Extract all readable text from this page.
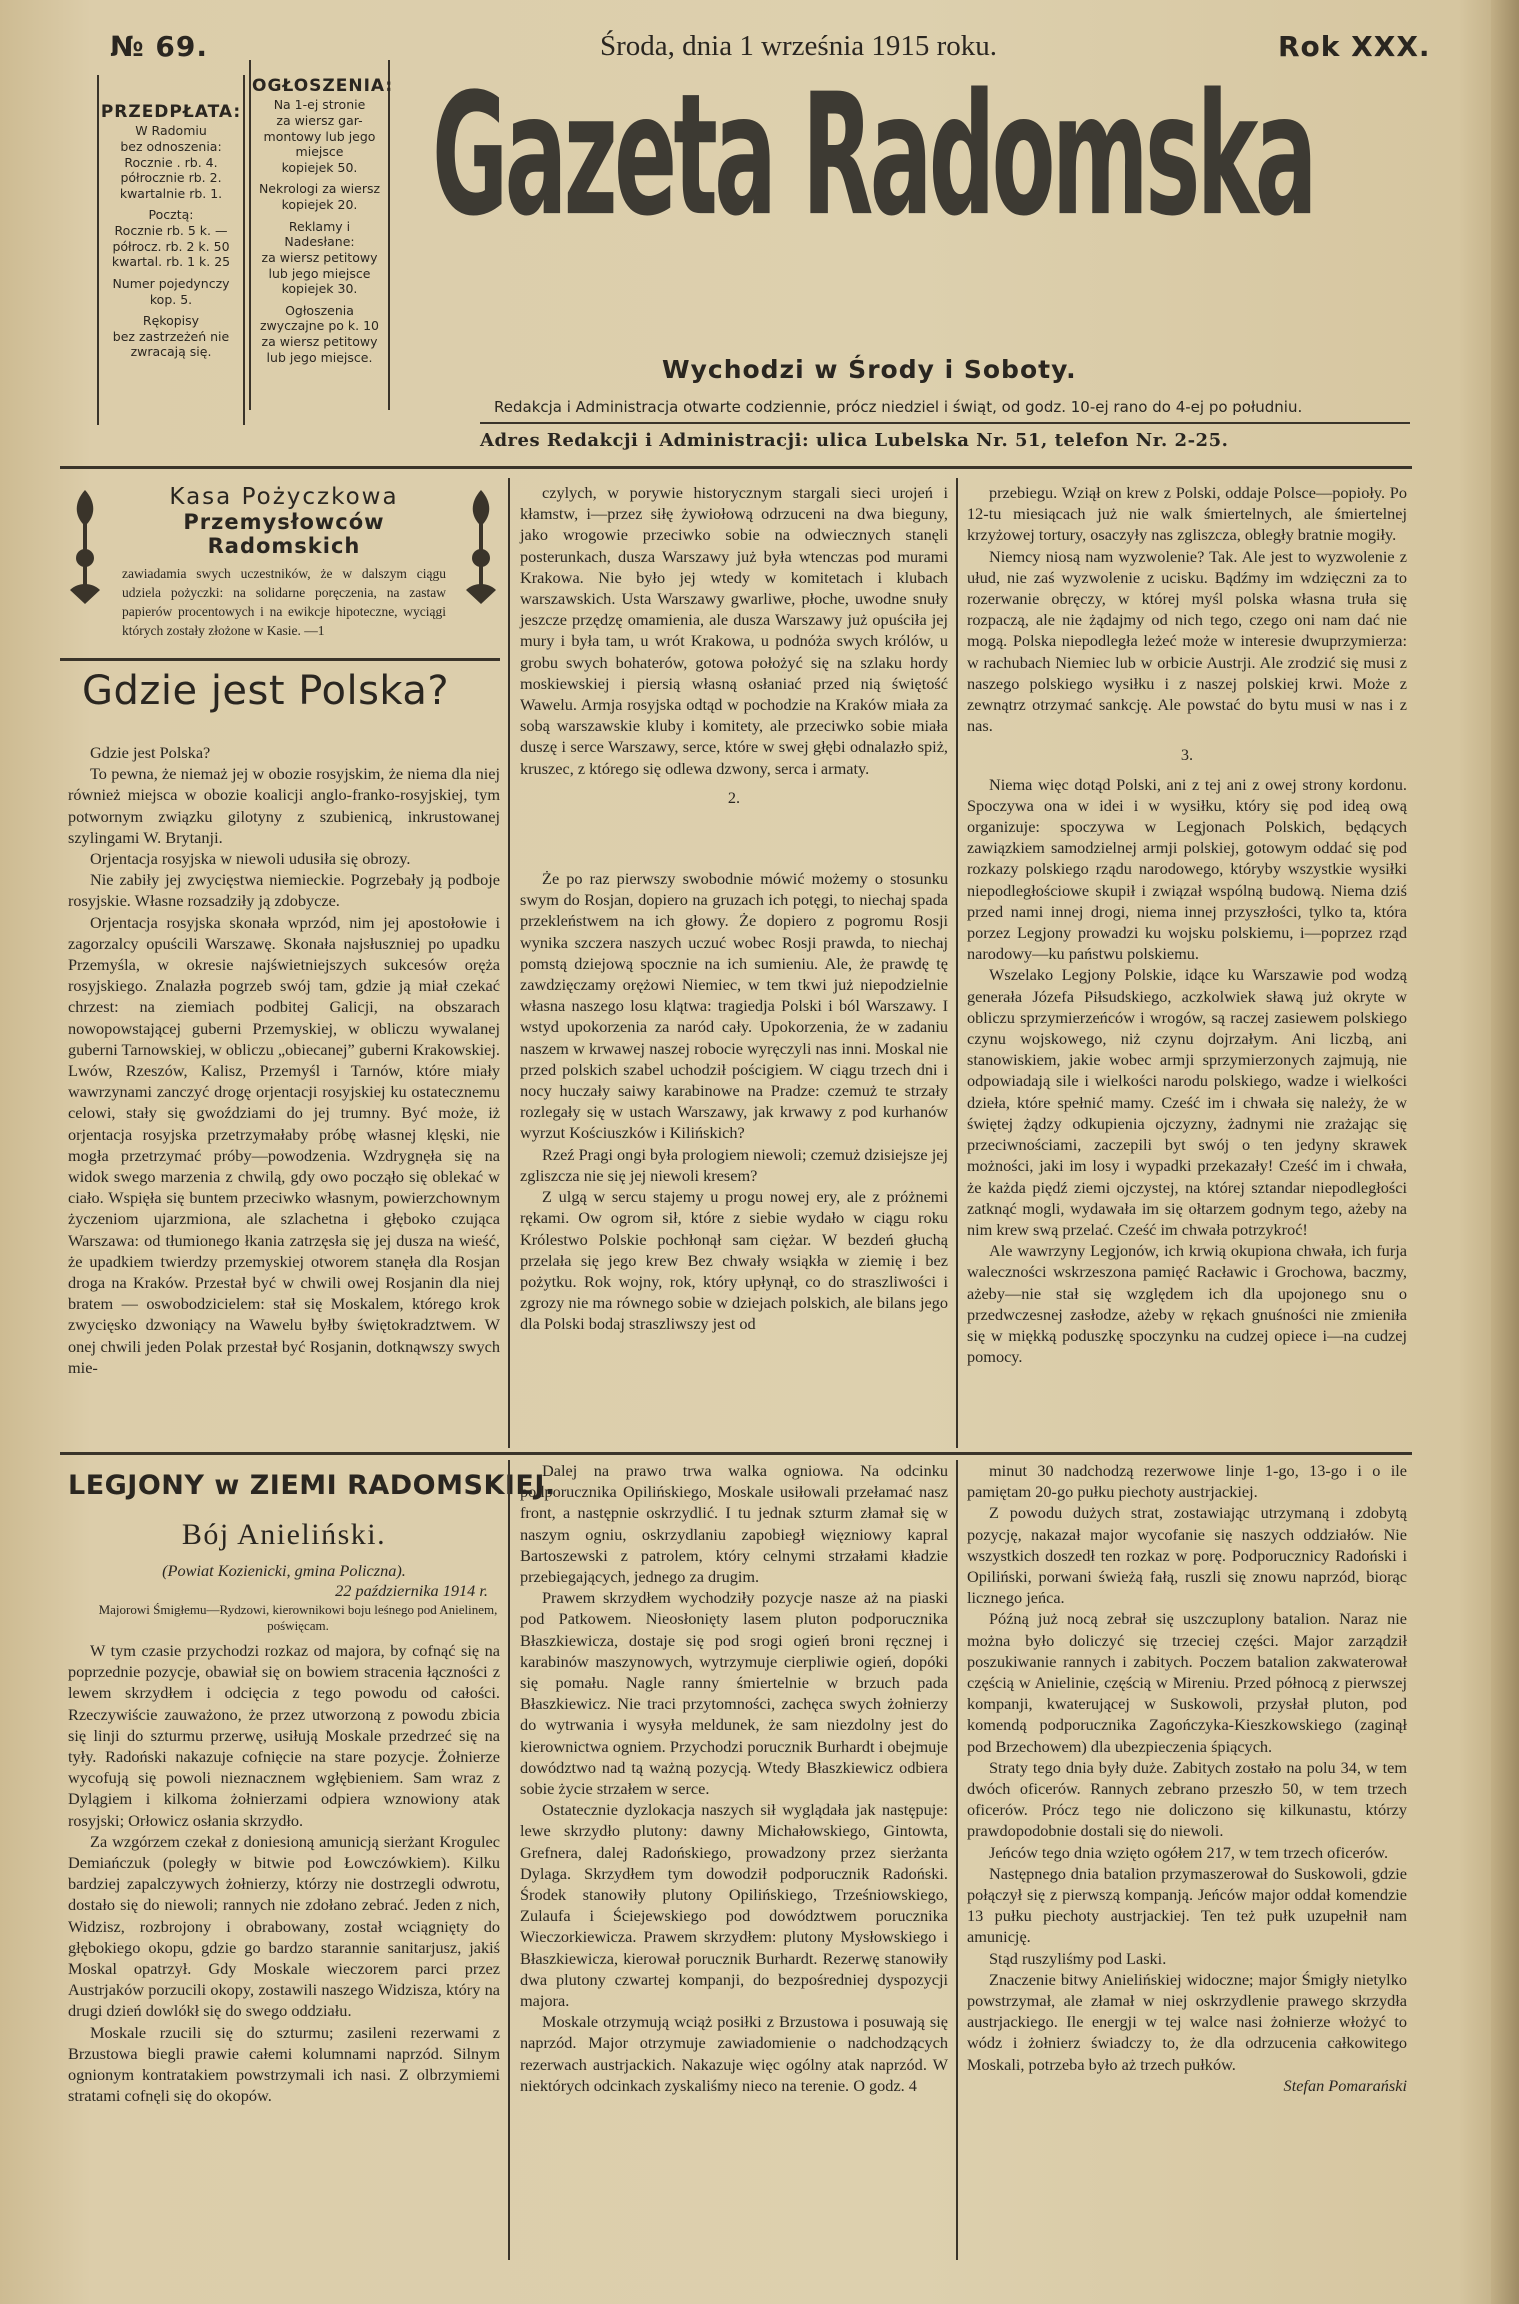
№ 69.	Środa, dnia 1 września 1915 roku.	Rok XXX.
PRZEDPŁATA:
W Radomiu
bez odnoszenia:
Rocznie . rb. 4.
półrocznie rb. 2.
kwartalnie rb. 1.
Pocztą:
Rocznie rb. 5 k. —
półrocz. rb. 2 k. 50
kwartal. rb. 1 k. 25
Numer pojedynczy
kop. 5.
Rękopisy
bez zastrzeżeń nie
zwracają się.
OGŁOSZENIA:
Na 1-ej stronie
za wiersz gar-
montowy lub jego
miejsce
kopiejek 50.
Nekrologi za wiersz
kopiejek 20.
Reklamy i Nadesłane:
za wiersz petitowy
lub jego miejsce
kopiejek 30.
Ogłoszenia
zwyczajne po k. 10
za wiersz petitowy
lub jego miejsce.
Gazeta Radomska
Wychodzi w Środy i Soboty.
Redakcja i Administracja otwarte codziennie, prócz niedziel i świąt, od godz. 10-ej rano do 4-ej po południu.
Adres Redakcji i Administracji: ulica Lubelska Nr. 51, telefon Nr. 2-25.
Kasa Pożyczkowa
Przemysłowców Radomskich
zawiadamia swych uczestników, że w dalszym ciągu udziela pożyczki: na solidarne poręczenia, na zastaw papierów procentowych i na ewikcje hipoteczne, wyciągi których zostały złożone w Kasie. —1
Gdzie jest Polska?

Gdzie jest Polska?

To pewna, że niemaż jej w obozie rosyjskim, że niema dla niej również miejsca w obozie koalicji anglo-franko-rosyjskiej, tym potwornym związku gilotyny z szubienicą, inkrustowanej szylingami W. Brytanji.

Orjentacja rosyjska w niewoli udusiła się obrozy.

Nie zabiły jej zwycięstwa niemieckie. Pogrzebały ją podboje rosyjskie. Własne rozsadziły ją zdobycze.

Orjentacja rosyjska skonała wprzód, nim jej apostołowie i zagorzalcy opuścili Warszawę. Skonała najsłuszniej po upadku Przemyśla, w okresie najświetniejszych sukcesów oręża rosyjskiego. Znalazła pogrzeb swój tam, gdzie ją miał czekać chrzest: na ziemiach podbitej Galicji, na obszarach nowopowstającej guberni Przemyskiej, w obliczu wywalanej guberni Tarnowskiej, w obliczu „obiecanej” guberni Krakowskiej. Lwów, Rzeszów, Kalisz, Przemyśl i Tarnów, które miały wawrzynami zanczyć drogę orjentacji rosyjskiej ku ostatecznemu celowi, stały się gwoździami do jej trumny. Być może, iż orjentacja rosyjska przetrzymałaby próbę własnej klęski, nie mogła przetrzymać próby—powodzenia. Wzdrygnęła się na widok swego marzenia z chwilą, gdy owo począło się oblekać w ciało. Wspięła się buntem przeciwko własnym, powierzchownym życzeniom ujarzmiona, ale szlachetna i głęboko czująca Warszawa: od tłumionego łkania zatrzęsła się jej dusza na wieść, że upadkiem twierdzy przemyskiej otworem stanęła dla Rosjan droga na Kraków. Przestał być w chwili owej Rosjanin dla niej bratem — oswobodzicielem: stał się Moskalem, którego krok zwycięsko dzwoniący na Wawelu byłby świętokradztwem. W onej chwili jeden Polak przestał być Rosjanin, dotknąwszy swych mie-

czylych, w porywie historycznym stargali sieci urojeń i kłamstw, i—przez siłę żywiołową odrzuceni na dwa bieguny, jako wrogowie przeciwko sobie na odwiecznych stanęli posterunkach, dusza Warszawy już była wtenczas pod murami Krakowa. Nie było jej wtedy w komitetach i klubach warszawskich. Usta Warszawy gwarliwe, płoche, uwodne snuły jeszcze przędzę omamienia, ale dusza Warszawy już opuściła jej mury i była tam, u wrót Krakowa, u podnóża swych królów, u grobu swych bohaterów, gotowa położyć się na szlaku hordy moskiewskiej i piersią własną osłaniać przed nią świętość Wawelu. Armja rosyjska odtąd w pochodzie na Kraków miała za sobą warszawskie kluby i komitety, ale przeciwko sobie miała duszę i serce Warszawy, serce, które w swej głębi odnalazło spiż, kruszec, z którego się odlewa dzwony, serca i armaty.

2.

Że po raz pierwszy swobodnie mówić możemy o stosunku swym do Rosjan, dopiero na gruzach ich potęgi, to niechaj spada przekleństwem na ich głowy. Że dopiero z pogromu Rosji wynika szczera naszych uczuć wobec Rosji prawda, to niechaj pomstą dziejową spocznie na ich sumieniu. Ale, że prawdę tę zawdzięczamy orężowi Niemiec, w tem tkwi już niepodzielnie własna naszego losu klątwa: tragiedja Polski i ból Warszawy. I wstyd upokorzenia za naród cały. Upokorzenia, że w zadaniu naszem w krwawej naszej robocie wyręczyli nas inni. Moskal nie przed polskich szabel uchodził pościgiem. W ciągu trzech dni i nocy huczały saiwy karabinowe na Pradze: czemuż te strzały rozlegały się w ustach Warszawy, jak krwawy z pod kurhanów wyrzut Kościuszków i Kilińskich?

Rzeź Pragi ongi była prologiem niewoli; czemuż dzisiejsze jej zgliszcza nie się jej niewoli kresem?

Z ulgą w sercu stajemy u progu nowej ery, ale z próżnemi rękami. Ow ogrom sił, które z siebie wydało w ciągu roku Królestwo Polskie pochłonął sam ciężar. W bezdeń głuchą przelała się jego krew Bez chwały wsiąkła w ziemię i bez pożytku. Rok wojny, rok, który upłynął, co do straszliwości i zgrozy nie ma równego sobie w dziejach polskich, ale bilans jego dla Polski bodaj straszliwszy jest od

przebiegu. Wziął on krew z Polski, oddaje Polsce—popioły. Po 12-tu miesiącach już nie walk śmiertelnych, ale śmiertelnej krzyżowej tortury, osaczyły nas zgliszcza, obległy bratnie mogiły.

Niemcy niosą nam wyzwolenie? Tak. Ale jest to wyzwolenie z ułud, nie zaś wyzwolenie z ucisku. Bądźmy im wdzięczni za to rozerwanie obręczy, w której myśl polska własna truła się rozpaczą, ale nie żądajmy od nich tego, czego oni nam dać nie mogą. Polska niepodległa leżeć może w interesie dwuprzymierza: w rachubach Niemiec lub w orbicie Austrji. Ale zrodzić się musi z naszego polskiego wysiłku i z naszej polskiej krwi. Może z zewnątrz otrzymać sankcję. Ale powstać do bytu musi w nas i z nas.

3.

Niema więc dotąd Polski, ani z tej ani z owej strony kordonu. Spoczywa ona w idei i w wysiłku, który się pod ideą ową organizuje: spoczywa w Legjonach Polskich, będących zawiązkiem samodzielnej armji polskiej, gotowym oddać się pod rozkazy polskiego rządu narodowego, któryby wszystkie wysiłki niepodległościowe skupił i związał wspólną budową. Niema dziś przed nami innej drogi, niema innej przyszłości, tylko ta, która porzez Legjony prowadzi ku wojsku polskiemu, i—poprzez rząd narodowy—ku państwu polskiemu.

Wszelako Legjony Polskie, idące ku Warszawie pod wodzą generała Józefa Piłsudskiego, aczkolwiek sławą już okryte w obliczu sprzymierzeńców i wrogów, są raczej zasiewem polskiego czynu wojskowego, niż czynu dojrzałym. Ani liczbą, ani stanowiskiem, jakie wobec armji sprzymierzonych zajmują, nie odpowiadają sile i wielkości narodu polskiego, wadze i wielkości dzieła, które spełnić mamy. Cześć im i chwała się należy, że w świętej żądzy odkupienia ojczyzny, żadnymi nie zrażając się przeciwnościami, zaczepili byt swój o ten jedyny skrawek możności, jaki im losy i wypadki przekazały! Cześć im i chwała, że każda piędź ziemi ojczystej, na której sztandar niepodległości zatknąć mogli, wydawała im się ołtarzem godnym tego, ażeby na nim krew swą przelać. Cześć im chwała potrzykroć!

Ale wawrzyny Legjonów, ich krwią okupiona chwała, ich furja waleczności wskrzeszona pamięć Racławic i Grochowa, baczmy, ażeby—nie stał się względem ich dla upojonego snu o przedwczesnej zasłodze, ażeby w rękach gnuśności nie zmieniła się w miękką poduszkę spoczynku na cudzej opiece i—na cudzej pomocy.

LEGJONY w ZIEMI RADOMSKIEJ.
Bój Anieliński.
(Powiat Kozienicki, gmina Policzna).
22 października 1914 r.
Majorowi Śmigłemu—Rydzowi, kierownikowi boju leśnego pod Anielinem, poświęcam.

W tym czasie przychodzi rozkaz od majora, by cofnąć się na poprzednie pozycje, obawiał się on bowiem stracenia łączności z lewem skrzydłem i odcięcia z tego powodu od całości. Rzeczywiście zauważono, że przez utworzoną z powodu zbicia się linji do szturmu przerwę, usiłują Moskale przedrzeć się na tyły. Radoński nakazuje cofnięcie na stare pozycje. Żołnierze wycofują się powoli nieznacznem wgłębieniem. Sam wraz z Dylągiem i kilkoma żołnierzami odpiera wznowiony atak rosyjski; Orłowicz osłania skrzydło.

Za wzgórzem czekał z doniesioną amunicją sierżant Krogulec Demiańczuk (poległy w bitwie pod Łowczówkiem). Kilku bardziej zapalczywych żołnierzy, którzy nie dostrzegli odwrotu, dostało się do niewoli; rannych nie zdołano zebrać. Jeden z nich, Widzisz, rozbrojony i obrabowany, został wciągnięty do głębokiego okopu, gdzie go bardzo starannie sanitarjusz, jakiś Moskal opatrzył. Gdy Moskale wieczorem parci przez Austrjaków porzucili okopy, zostawili naszego Widzisza, który na drugi dzień dowlókł się do swego oddziału.

Moskale rzucili się do szturmu; zasileni rezerwami z Brzustowa biegli prawie całemi kolumnami naprzód. Silnym ognionym kontratakiem powstrzymali ich nasi. Z olbrzymiemi stratami cofnęli się do okopów.

Dalej na prawo trwa walka ogniowa. Na odcinku podporucznika Opilińskiego, Moskale usiłowali przełamać nasz front, a następnie oskrzydlić. I tu jednak szturm złamał się w naszym ogniu, oskrzydlaniu zapobiegł więzniowy kapral Bartoszewski z patrolem, który celnymi strzałami kładzie przebiegających, jednego za drugim.

Prawem skrzydłem wychodziły pozycje nasze aż na piaski pod Patkowem. Nieosłonięty lasem pluton podporucznika Błaszkiewicza, dostaje się pod srogi ogień broni ręcznej i karabinów maszynowych, wytrzymuje cierpliwie ogień, dopóki się pomału. Nagle ranny śmiertelnie w brzuch pada Błaszkiewicz. Nie traci przytomności, zachęca swych żołnierzy do wytrwania i wysyła meldunek, że sam niezdolny jest do kierownictwa ogniem. Przychodzi porucznik Burhardt i obejmuje dowództwo nad tą ważną pozycją. Wtedy Błaszkiewicz odbiera sobie życie strzałem w serce.

Ostatecznie dyzlokacja naszych sił wyglądała jak następuje: lewe skrzydło plutony: dawny Michałowskiego, Gintowta, Grefnera, dalej Radońskiego, prowadzony przez sierżanta Dylaga. Skrzydłem tym dowodził podporucznik Radoński. Środek stanowiły plutony Opilińskiego, Trześniowskiego, Zulaufa i Ściejewskiego pod dowództwem porucznika Wieczorkiewicza. Prawem skrzydłem: plutony Mysłowskiego i Błaszkiewicza, kierował porucznik Burhardt. Rezerwę stanowiły dwa plutony czwartej kompanji, do bezpośredniej dyspozycji majora.

Moskale otrzymują wciąż posiłki z Brzustowa i posuwają się naprzód. Major otrzymuje zawiadomienie o nadchodzących rezerwach austrjackich. Nakazuje więc ogólny atak naprzód. W niektórych odcinkach zyskaliśmy nieco na terenie. O godz. 4

minut 30 nadchodzą rezerwowe linje 1-go, 13-go i o ile pamiętam 20-go pułku piechoty austrjackiej.

Z powodu dużych strat, zostawiając utrzymaną i zdobytą pozycję, nakazał major wycofanie się naszych oddziałów. Nie wszystkich doszedł ten rozkaz w porę. Podporucznicy Radoński i Opiliński, porwani świeżą fałą, ruszli się znowu naprzód, biorąc licznego jeńca.

Późną już nocą zebrał się uszczuplony batalion. Naraz nie można było doliczyć się trzeciej części. Major zarządził poszukiwanie rannych i zabitych. Poczem batalion zakwaterował częścią w Anielinie, częścią w Mireniu. Przed północą z pierwszej kompanji, kwaterującej w Suskowoli, przysłał pluton, pod komendą podporucznika Zagończyka-Kieszkowskiego (zaginął pod Brzechowem) dla ubezpieczenia śpiących.

Straty tego dnia były duże. Zabitych zostało na polu 34, w tem dwóch oficerów. Rannych zebrano przeszło 50, w tem trzech oficerów. Prócz tego nie doliczono się kilkunastu, którzy prawdopodobnie dostali się do niewoli.

Jeńców tego dnia wzięto ogółem 217, w tem trzech oficerów.

Następnego dnia batalion przymaszerował do Suskowoli, gdzie połączył się z pierwszą kompanją. Jeńców major oddał komendzie 13 pułku piechoty austrjackiej. Ten też pułk uzupełnił nam amunicję.

Stąd ruszyliśmy pod Laski.

Znaczenie bitwy Anielińskiej widoczne; major Śmigły nietylko powstrzymał, ale złamał w niej oskrzydlenie prawego skrzydła austrjackiego. Ile energji w tej walce nasi żołnierze włożyć to wódz i żołnierz świadczy to, że dla odrzucenia całkowitego Moskali, potrzeba było aż trzech pułków.

Stefan Pomarański
